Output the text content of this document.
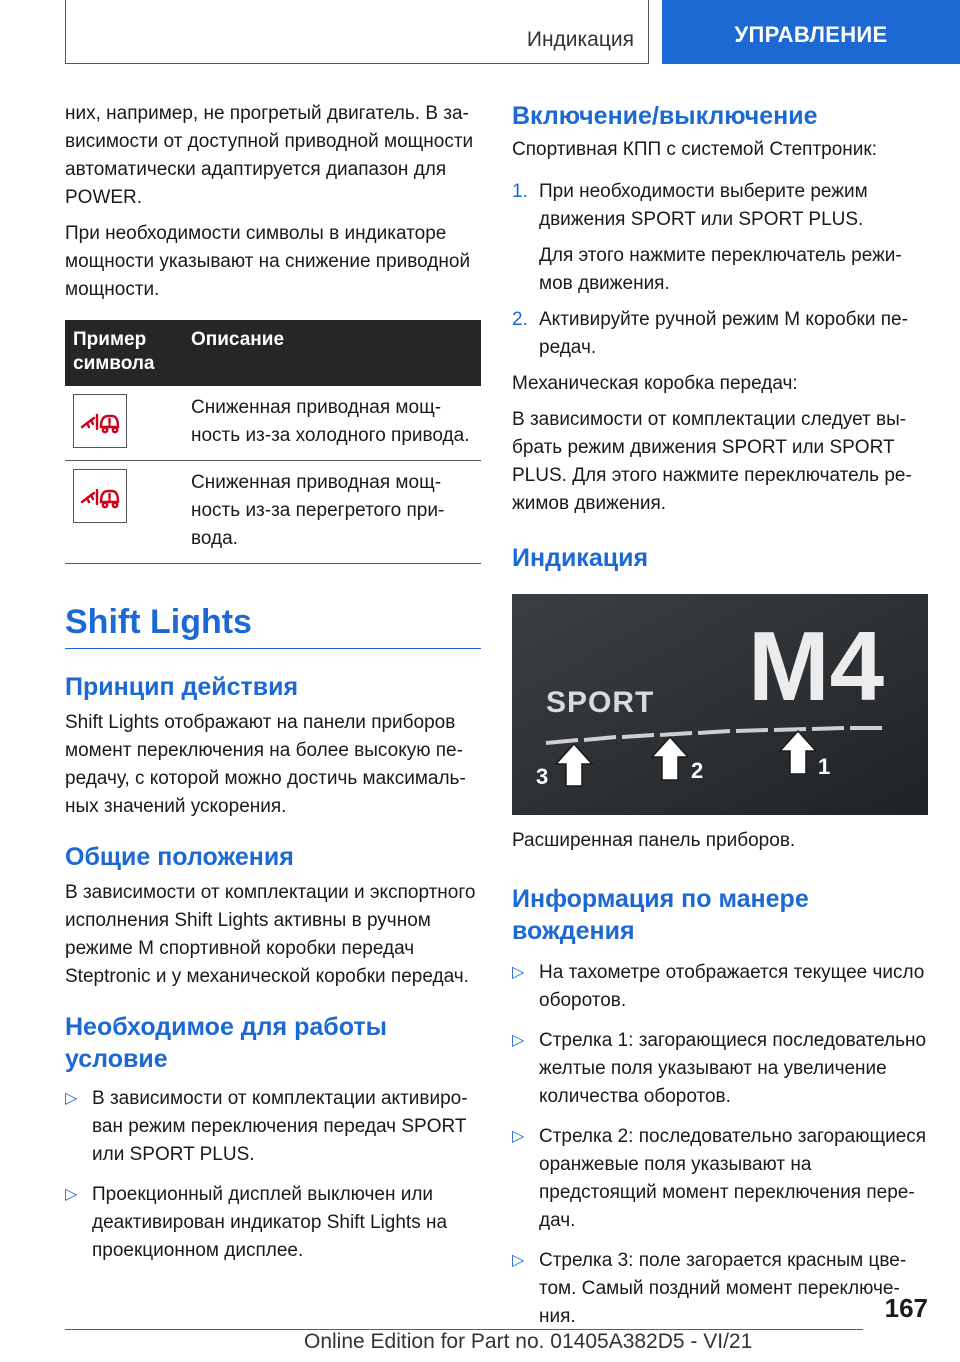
Индикация	УПРАВЛЕНИЕ

них, например, не прогретый двигатель. В зависимости от доступной приводной мощности автоматически адаптируется диапазон для POWER.

При необходимости символы в индикаторе мощности указывают на снижение приводной мощности.

Пример символа	Описание

	Сниженная приводная мощность из-за холодного привода.

	Сниженная приводная мощность из-за перегретого привода.
Shift Lights
Принцип действия

Shift Lights отображают на панели приборов момент переключения на более высокую передачу, с которой можно достичь максимальных значений ускорения.

Общие положения

В зависимости от комплектации и экспортного исполнения Shift Lights активны в ручном режиме M спортивной коробки передач Steptronic и у механической коробки передач.

Необходимое для работы условие
▷ В зависимости от комплектации активирован режим переключения передач SPORT или SPORT PLUS.
▷ Проекционный дисплей выключен или деактивирован индикатор Shift Lights на проекционном дисплее.
Включение/выключение

Спортивная КПП с системой Стептроник:

1. При необходимости выберите режим движения SPORT или SPORT PLUS.
Для этого нажмите переключатель режимов движения.
2. Активируйте ручной режим M коробки передач.

Механическая коробка передач:

В зависимости от комплектации следует выбрать режим движения SPORT или SPORT PLUS. Для этого нажмите переключатель режимов движения.

Индикация
SPORT M4
3	2	1

Расширенная панель приборов.

Информация по манере вождения
▷ На тахометре отображается текущее число оборотов.
▷ Стрелка 1: загорающиеся последовательно желтые поля указывают на увеличение количества оборотов.
▷ Стрелка 2: последовательно загорающиеся оранжевые поля указывают на предстоящий момент переключения передач.
▷ Стрелка 3: поле загорается красным цветом. Самый поздний момент переключения.	167
Online Edition for Part no. 01405A382D5 - VI/21
